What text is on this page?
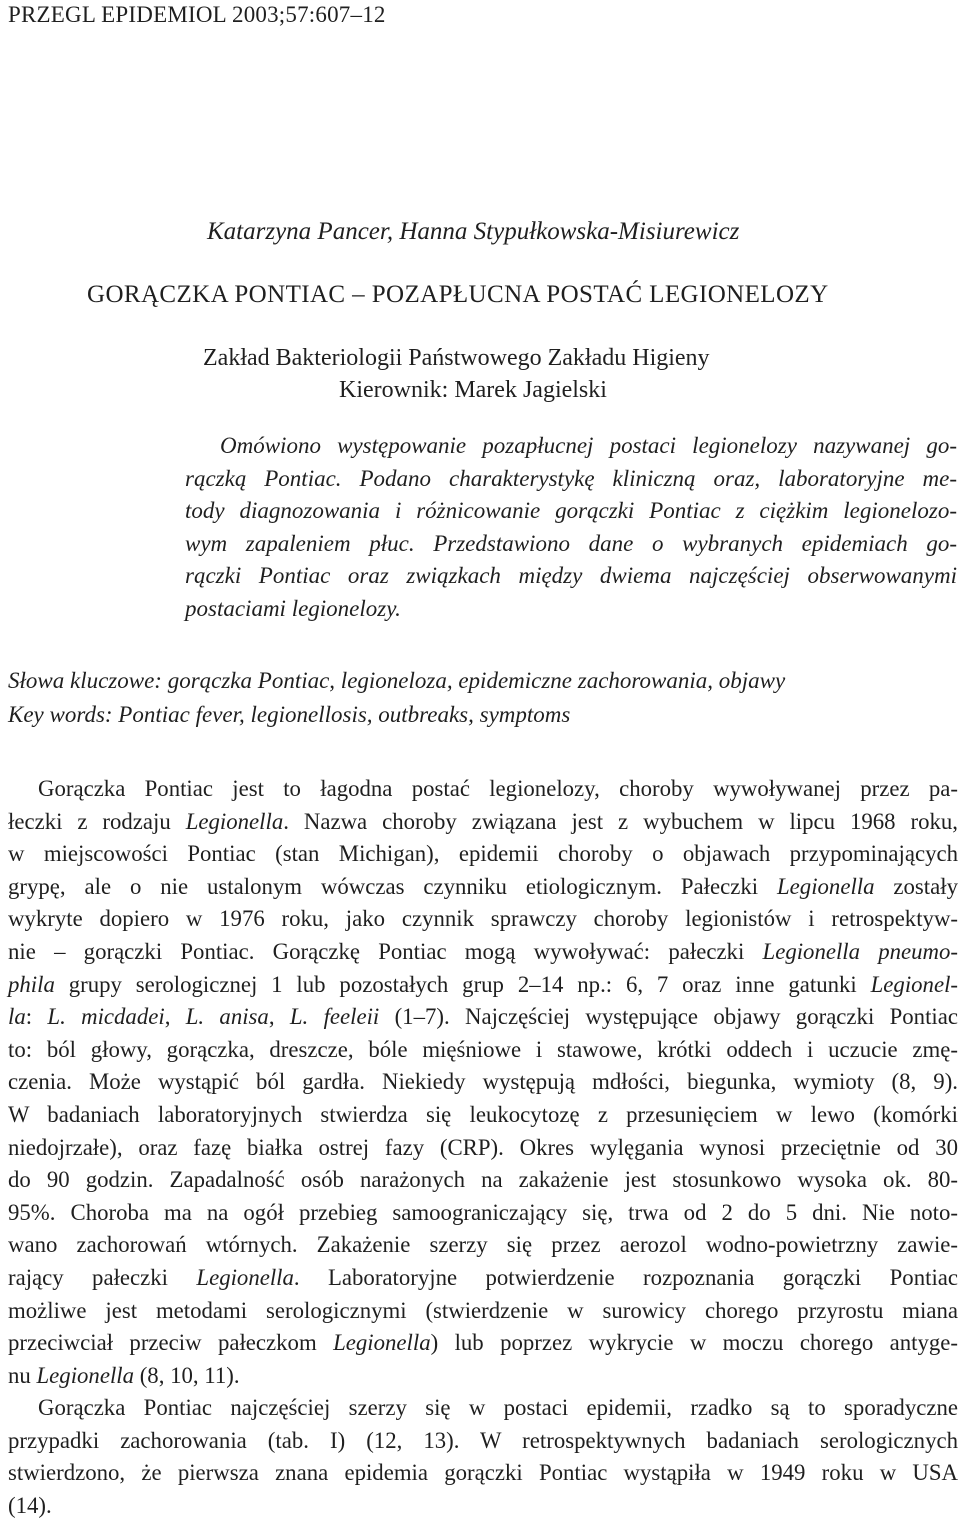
PRZEGL EPIDEMIOL 2003;57:607–12

Katarzyna Pancer, Hanna Stypułkowska-Misiurewicz

GORĄCZKA PONTIAC – POZAPŁUCNA POSTAĆ LEGIONELOZY

Zakład Bakteriologii Państwowego Zakładu Higieny

Kierownik: Marek Jagielski

Omówiono występowanie pozapłucnej postaci legionelozy nazywanej go-
rączką Pontiac. Podano charakterystykę kliniczną oraz, laboratoryjne me-
tody diagnozowania i różnicowanie gorączki Pontiac z ciężkim legionelozo-
wym zapaleniem płuc. Przedstawiono dane o wybranych epidemiach go-
rączki Pontiac oraz związkach między dwiema najczęściej obserwowanymi
postaciami legionelozy.

Słowa kluczowe: gorączka Pontiac, legioneloza, epidemiczne zachorowania, objawy

Key words: Pontiac fever, legionellosis, outbreaks, symptoms

Gorączka Pontiac jest to łagodna postać legionelozy, choroby wywoływanej przez pa-
łeczki z rodzaju Legionella. Nazwa choroby związana jest z wybuchem w lipcu 1968 roku,
w miejscowości Pontiac (stan Michigan), epidemii choroby o objawach przypominających
grypę, ale o nie ustalonym wówczas czynniku etiologicznym. Pałeczki Legionella zostały
wykryte dopiero w 1976 roku, jako czynnik sprawczy choroby legionistów i retrospektyw-
nie – gorączki Pontiac. Gorączkę Pontiac mogą wywoływać: pałeczki Legionella pneumo-
phila grupy serologicznej 1 lub pozostałych grup 2–14 np.: 6, 7 oraz inne gatunki Legionel-
la: L. micdadei, L. anisa, L. feeleii (1–7). Najczęściej występujące objawy gorączki Pontiac
to: ból głowy, gorączka, dreszcze, bóle mięśniowe i stawowe, krótki oddech i uczucie zmę-
czenia. Może wystąpić ból gardła. Niekiedy występują mdłości, biegunka, wymioty (8, 9).
W badaniach laboratoryjnych stwierdza się leukocytozę z przesunięciem w lewo (komórki
niedojrzałe), oraz fazę białka ostrej fazy (CRP). Okres wylęgania wynosi przeciętnie od 30
do 90 godzin. Zapadalność osób narażonych na zakażenie jest stosunkowo wysoka ok. 80-
95%. Choroba ma na ogół przebieg samoograniczający się, trwa od 2 do 5 dni. Nie noto-
wano zachorowań wtórnych. Zakażenie szerzy się przez aerozol wodno-powietrzny zawie-
rający pałeczki Legionella. Laboratoryjne potwierdzenie rozpoznania gorączki Pontiac
możliwe jest metodami serologicznymi (stwierdzenie w surowicy chorego przyrostu miana
przeciwciał przeciw pałeczkom Legionella) lub poprzez wykrycie w moczu chorego antyge-
nu Legionella (8, 10, 11).
Gorączka Pontiac najczęściej szerzy się w postaci epidemii, rzadko są to sporadyczne
przypadki zachorowania (tab. I) (12, 13). W retrospektywnych badaniach serologicznych
stwierdzono, że pierwsza znana epidemia gorączki Pontiac wystąpiła w 1949 roku w USA
(14).
